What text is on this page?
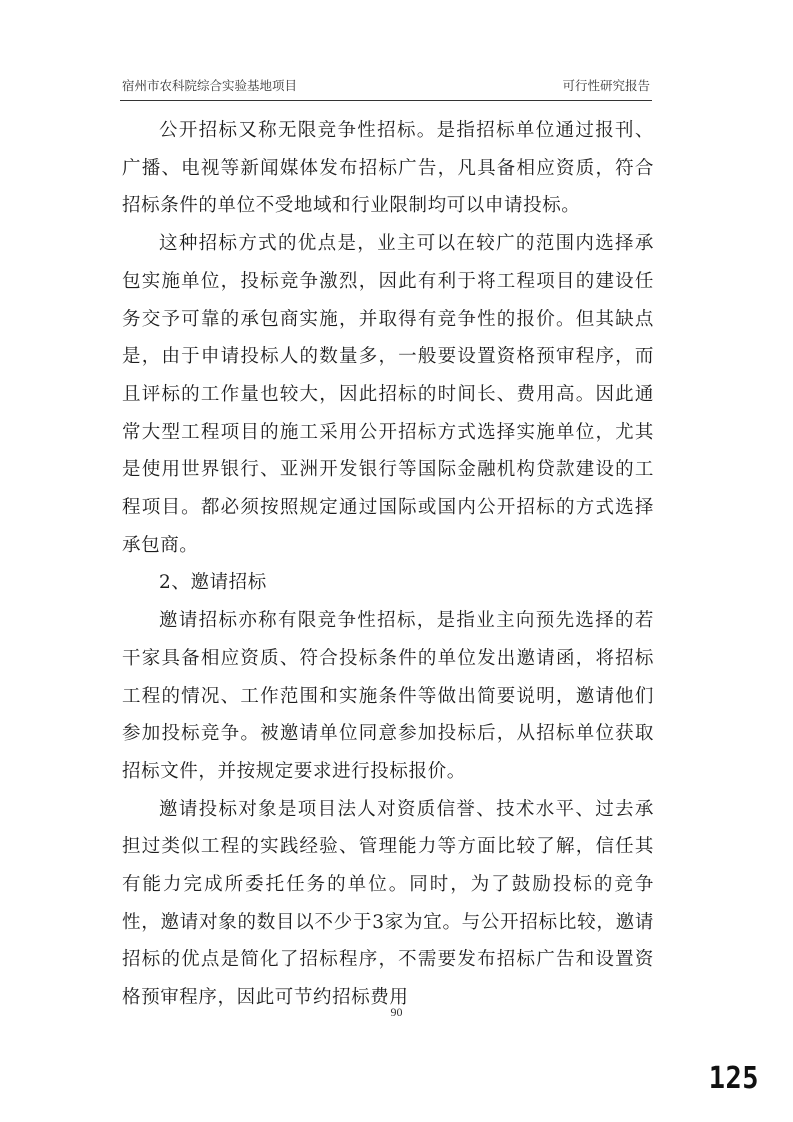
宿州市农科院综合实验基地项目	可行性研究报告

公开招标又称无限竞争性招标。是指招标单位通过报刊、广播、电视等新闻媒体发布招标广告，凡具备相应资质，符合招标条件的单位不受地域和行业限制均可以申请投标。

这种招标方式的优点是，业主可以在较广的范围内选择承包实施单位，投标竞争激烈，因此有利于将工程项目的建设任务交予可靠的承包商实施，并取得有竞争性的报价。但其缺点是，由于申请投标人的数量多，一般要设置资格预审程序，而且评标的工作量也较大，因此招标的时间长、费用高。因此通常大型工程项目的施工采用公开招标方式选择实施单位，尤其是使用世界银行、亚洲开发银行等国际金融机构贷款建设的工程项目。都必须按照规定通过国际或国内公开招标的方式选择承包商。

2、邀请招标

邀请招标亦称有限竞争性招标，是指业主向预先选择的若干家具备相应资质、符合投标条件的单位发出邀请函，将招标工程的情况、工作范围和实施条件等做出简要说明，邀请他们参加投标竞争。被邀请单位同意参加投标后，从招标单位获取招标文件，并按规定要求进行投标报价。

邀请投标对象是项目法人对资质信誉、技术水平、过去承担过类似工程的实践经验、管理能力等方面比较了解，信任其有能力完成所委托任务的单位。同时，为了鼓励投标的竞争性，邀请对象的数目以不少于3家为宜。与公开招标比较，邀请招标的优点是简化了招标程序，不需要发布招标广告和设置资格预审程序，因此可节约招标费用

90
125
